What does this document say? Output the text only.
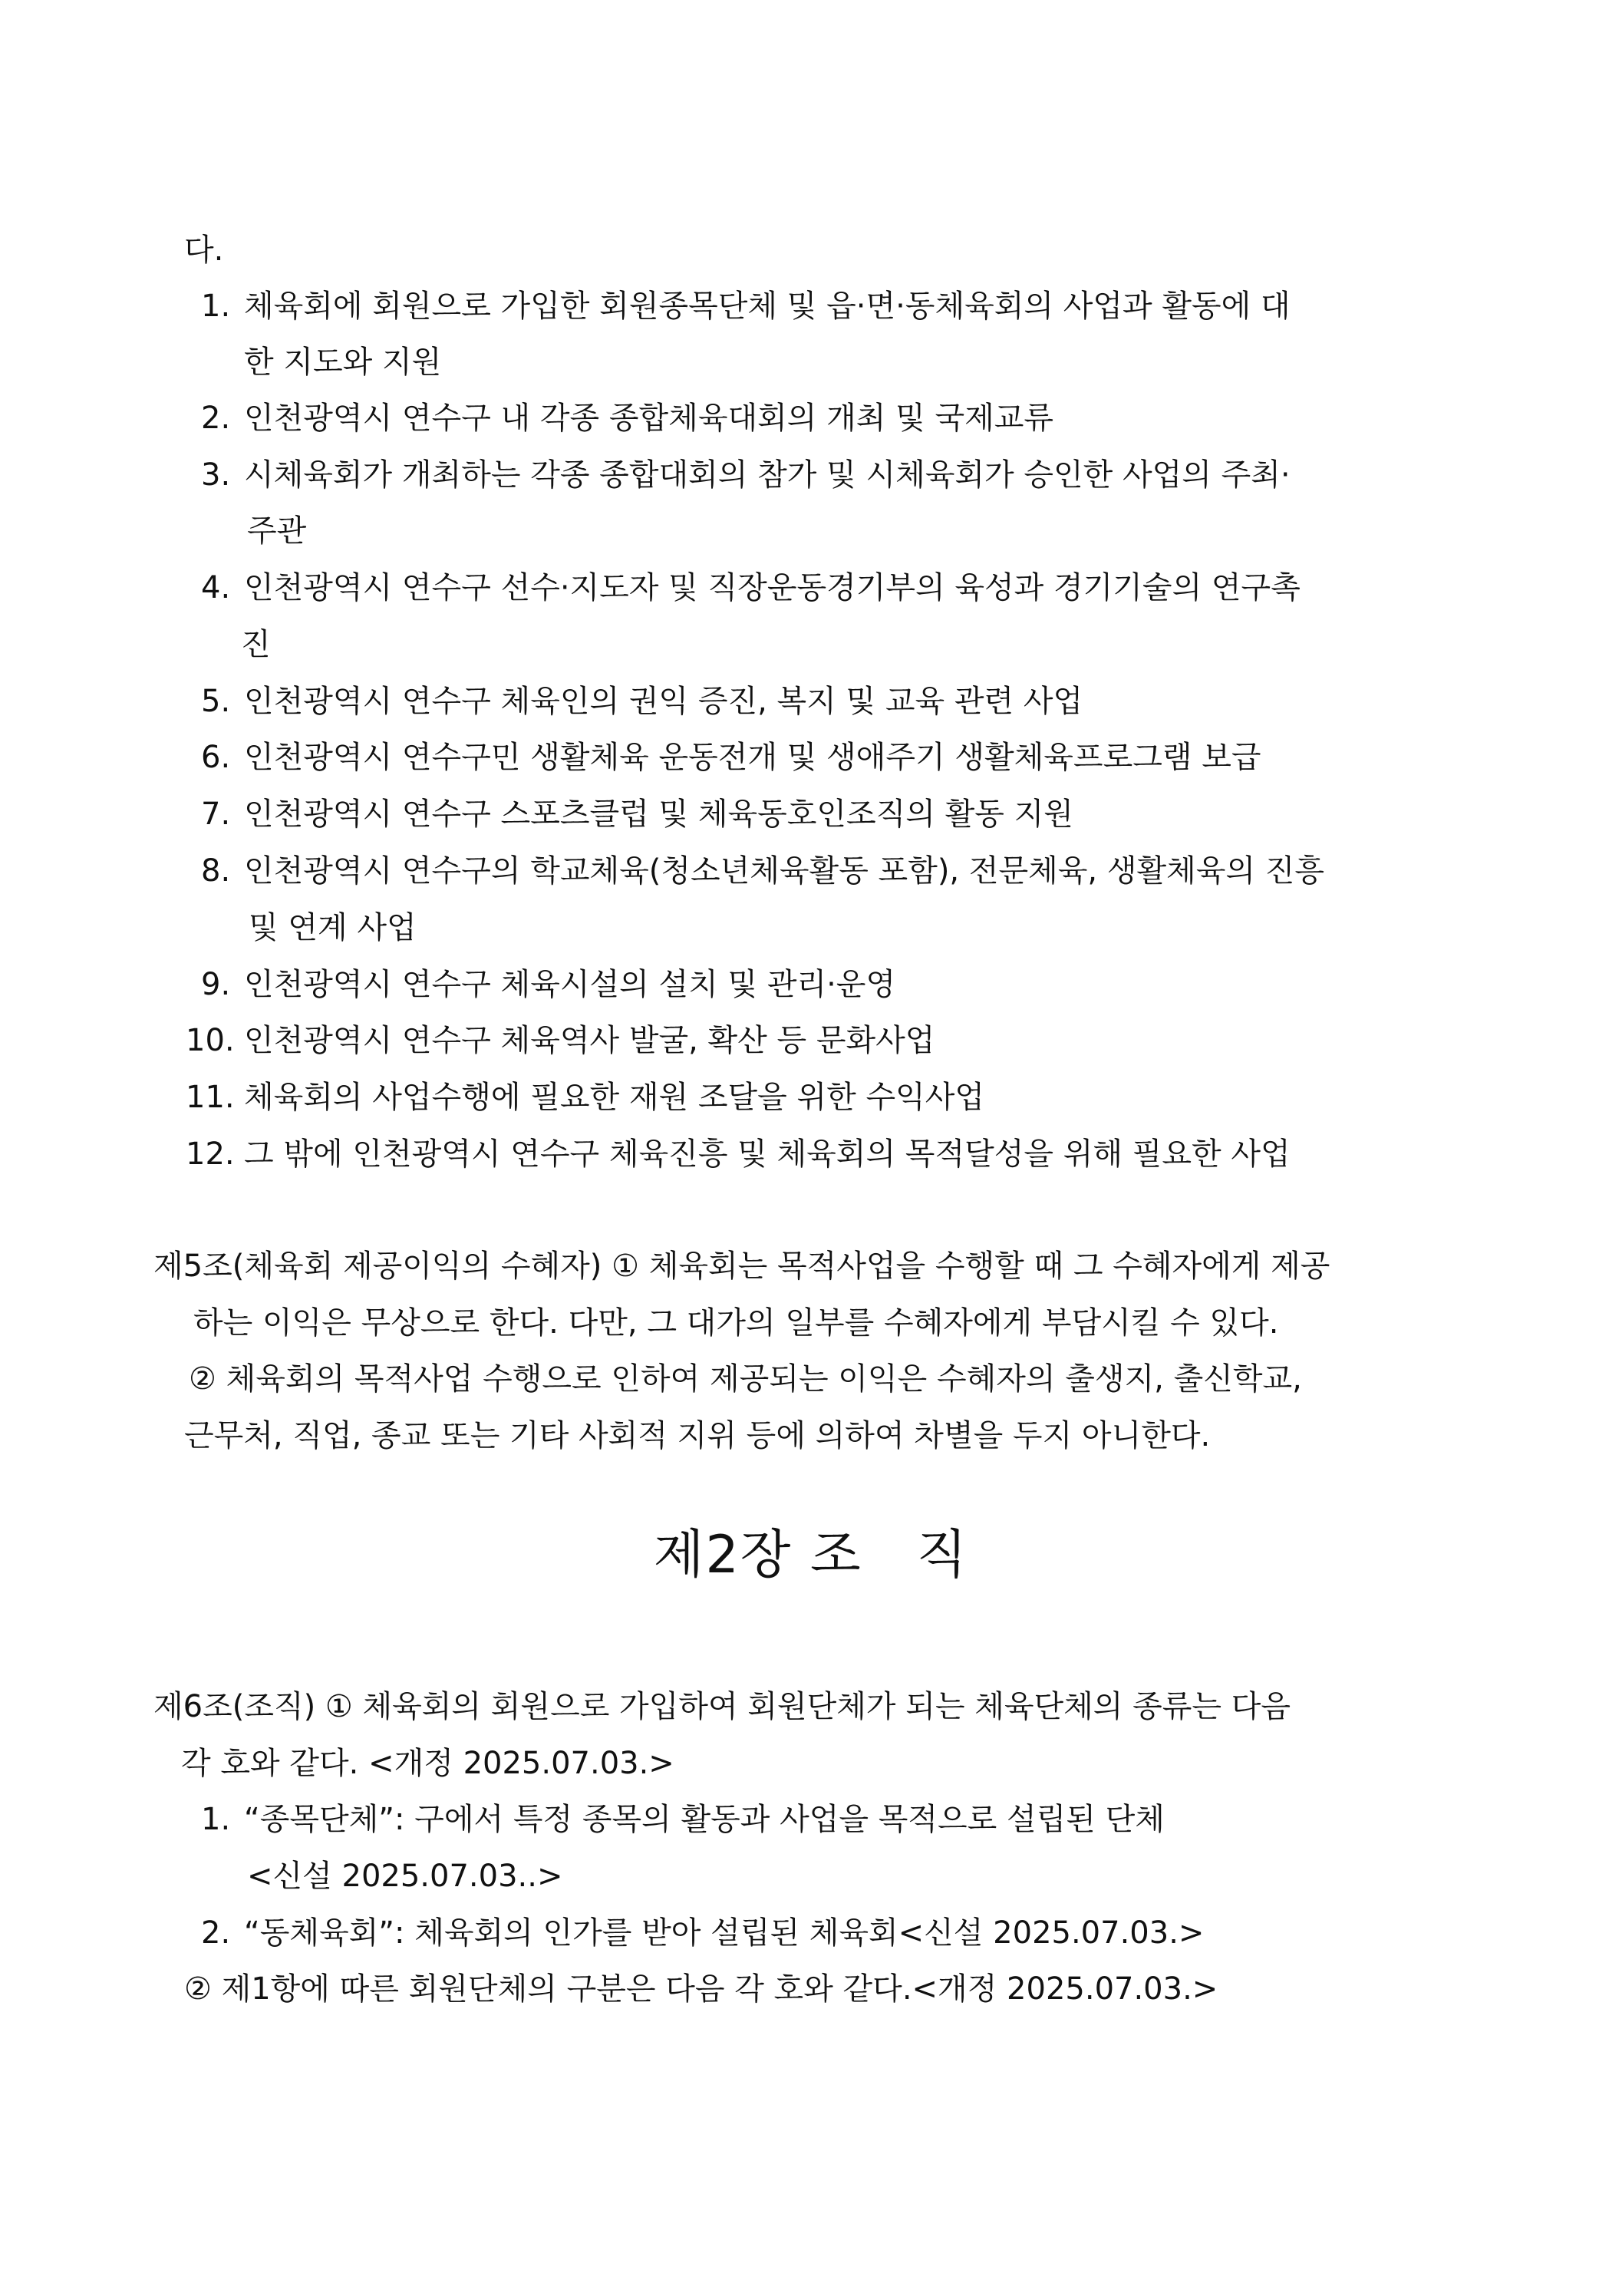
다.
1. 체육회에 회원으로 가입한 회원종목단체 및 읍·면·동체육회의 사업과 활동에 대
한 지도와 지원
2. 인천광역시 연수구 내 각종 종합체육대회의 개최 및 국제교류
3. 시체육회가 개최하는 각종 종합대회의 참가 및 시체육회가 승인한 사업의 주최·
주관
4. 인천광역시 연수구 선수·지도자 및 직장운동경기부의 육성과 경기기술의 연구촉
진
5. 인천광역시 연수구 체육인의 권익 증진, 복지 및 교육 관련 사업
6. 인천광역시 연수구민 생활체육 운동전개 및 생애주기 생활체육프로그램 보급
7. 인천광역시 연수구 스포츠클럽 및 체육동호인조직의 활동 지원
8. 인천광역시 연수구의 학교체육(청소년체육활동 포함), 전문체육, 생활체육의 진흥
및 연계 사업
9. 인천광역시 연수구 체육시설의 설치 및 관리·운영
10. 인천광역시 연수구 체육역사 발굴, 확산 등 문화사업
11. 체육회의 사업수행에 필요한 재원 조달을 위한 수익사업
12. 그 밖에 인천광역시 연수구 체육진흥 및 체육회의 목적달성을 위해 필요한 사업
제5조(체육회 제공이익의 수혜자) ① 체육회는 목적사업을 수행할 때 그 수혜자에게 제공
하는 이익은 무상으로 한다. 다만, 그 대가의 일부를 수혜자에게 부담시킬 수 있다.
② 체육회의 목적사업 수행으로 인하여 제공되는 이익은 수혜자의 출생지, 출신학교,
근무처, 직업, 종교 또는 기타 사회적 지위 등에 의하여 차별을 두지 아니한다.
제2장 조   직
제6조(조직) ① 체육회의 회원으로 가입하여 회원단체가 되는 체육단체의 종류는 다음
각 호와 같다. <개정 2025.07.03.>
1. “종목단체”: 구에서 특정 종목의 활동과 사업을 목적으로 설립된 단체
<신설 2025.07.03..>
2. “동체육회”: 체육회의 인가를 받아 설립된 체육회<신설 2025.07.03.>
② 제1항에 따른 회원단체의 구분은 다음 각 호와 같다.<개정 2025.07.03.>
